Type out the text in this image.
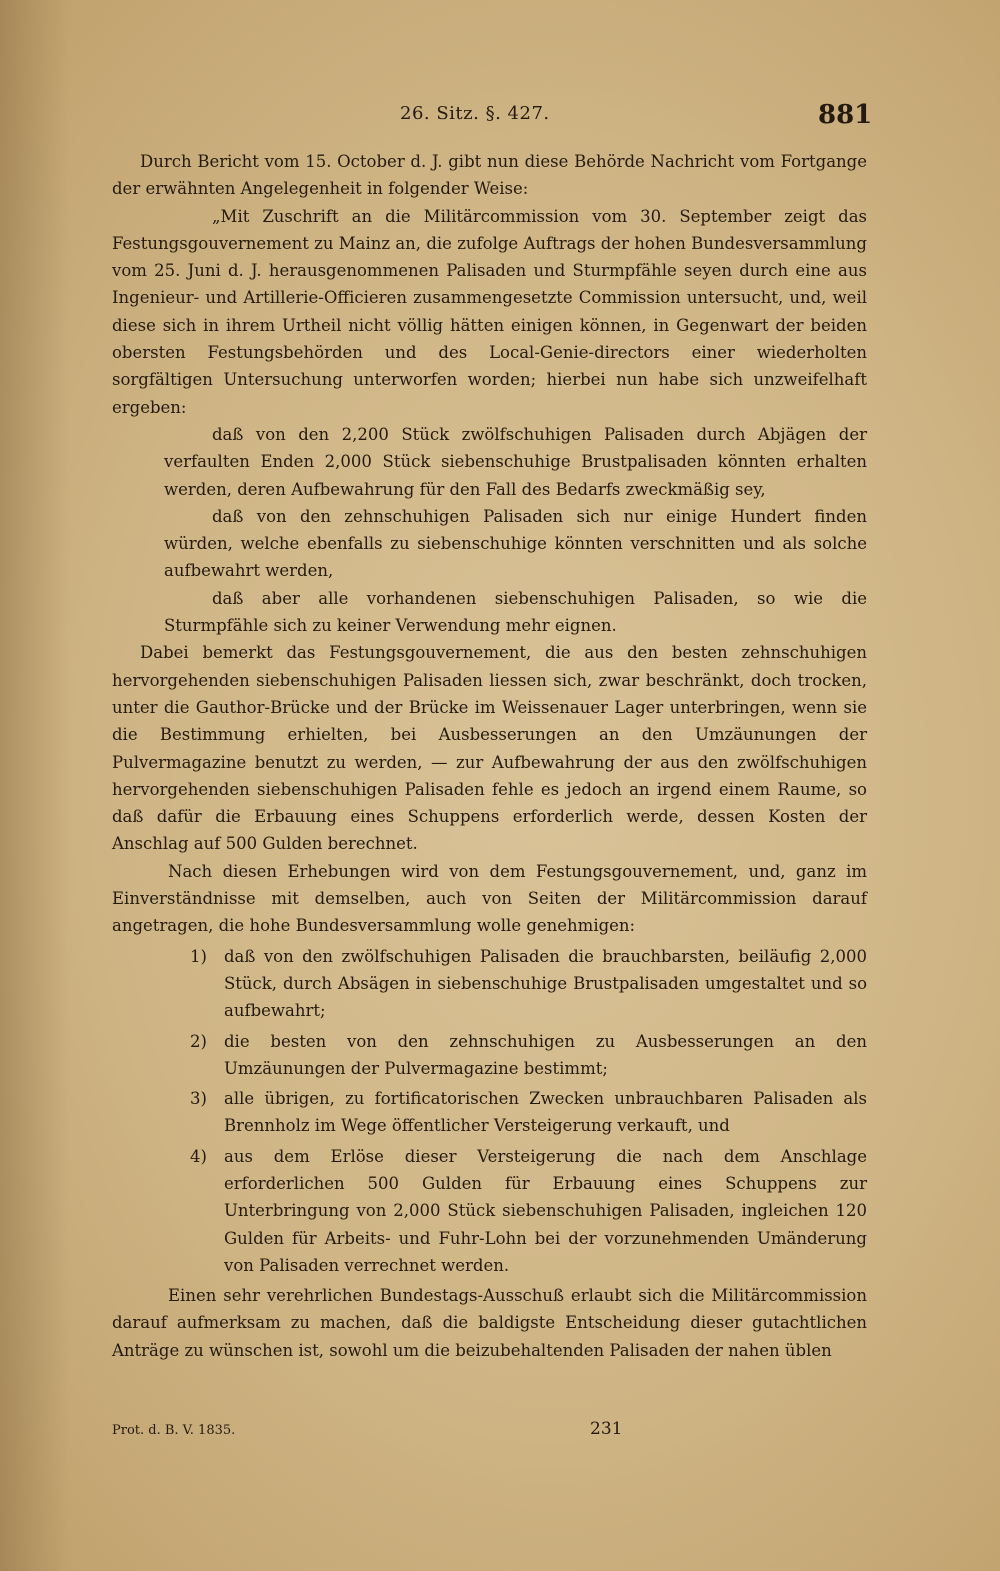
26. Sitz. §. 427.	881

Durch Bericht vom 15. October d. J. gibt nun diese Behörde Nachricht vom Fortgange der erwähnten Angelegenheit in folgender Weise:

„Mit Zuschrift an die Militärcommission vom 30. September zeigt das Festungsgouvernement zu Mainz an, die zufolge Auftrags der hohen Bundesversammlung vom 25. Juni d. J. herausgenommenen Palisaden und Sturmpfähle seyen durch eine aus Ingenieur- und Artillerie-Officieren zusammengesetzte Commission untersucht, und, weil diese sich in ihrem Urtheil nicht völlig hätten einigen können, in Gegenwart der beiden obersten Festungsbehörden und des Local-Genie-directors einer wiederholten sorgfältigen Untersuchung unterworfen worden; hierbei nun habe sich unzweifelhaft ergeben:

daß von den 2,200 Stück zwölfschuhigen Palisaden durch Abjägen der verfaulten Enden 2,000 Stück siebenschuhige Brustpalisaden könnten erhalten werden, deren Aufbewahrung für den Fall des Bedarfs zweckmäßig sey,

daß von den zehnschuhigen Palisaden sich nur einige Hundert finden würden, welche ebenfalls zu siebenschuhige könnten verschnitten und als solche aufbewahrt werden,

daß aber alle vorhandenen siebenschuhigen Palisaden, so wie die Sturmpfähle sich zu keiner Verwendung mehr eignen.

Dabei bemerkt das Festungsgouvernement, die aus den besten zehnschuhigen hervorgehenden siebenschuhigen Palisaden liessen sich, zwar beschränkt, doch trocken, unter die Gauthor-Brücke und der Brücke im Weissenauer Lager unterbringen, wenn sie die Bestimmung erhielten, bei Ausbesserungen an den Umzäunungen der Pulvermagazine benutzt zu werden, — zur Aufbewahrung der aus den zwölfschuhigen hervorgehenden siebenschuhigen Palisaden fehle es jedoch an irgend einem Raume, so daß dafür die Erbauung eines Schuppens erforderlich werde, dessen Kosten der Anschlag auf 500 Gulden berechnet.

Nach diesen Erhebungen wird von dem Festungsgouvernement, und, ganz im Einverständnisse mit demselben, auch von Seiten der Militärcommission darauf angetragen, die hohe Bundesversammlung wolle genehmigen:

1)	daß von den zwölfschuhigen Palisaden die brauchbarsten, beiläufig 2,000 Stück, durch Absägen in siebenschuhige Brustpalisaden umgestaltet und so aufbewahrt;
2)	die besten von den zehnschuhigen zu Ausbesserungen an den Umzäunungen der Pulvermagazine bestimmt;
3)	alle übrigen, zu fortificatorischen Zwecken unbrauchbaren Palisaden als Brennholz im Wege öffentlicher Versteigerung verkauft, und
4)	aus dem Erlöse dieser Versteigerung die nach dem Anschlage erforderlichen 500 Gulden für Erbauung eines Schuppens zur Unterbringung von 2,000 Stück siebenschuhigen Palisaden, ingleichen 120 Gulden für Arbeits- und Fuhr-Lohn bei der vorzunehmenden Umänderung von Palisaden verrechnet werden.

Einen sehr verehrlichen Bundestags-Ausschuß erlaubt sich die Militärcommission darauf aufmerksam zu machen, daß die baldigste Entscheidung dieser gutachtlichen Anträge zu wünschen ist, sowohl um die beizubehaltenden Palisaden der nahen üblen

Prot. d. B. V. 1835.	231
